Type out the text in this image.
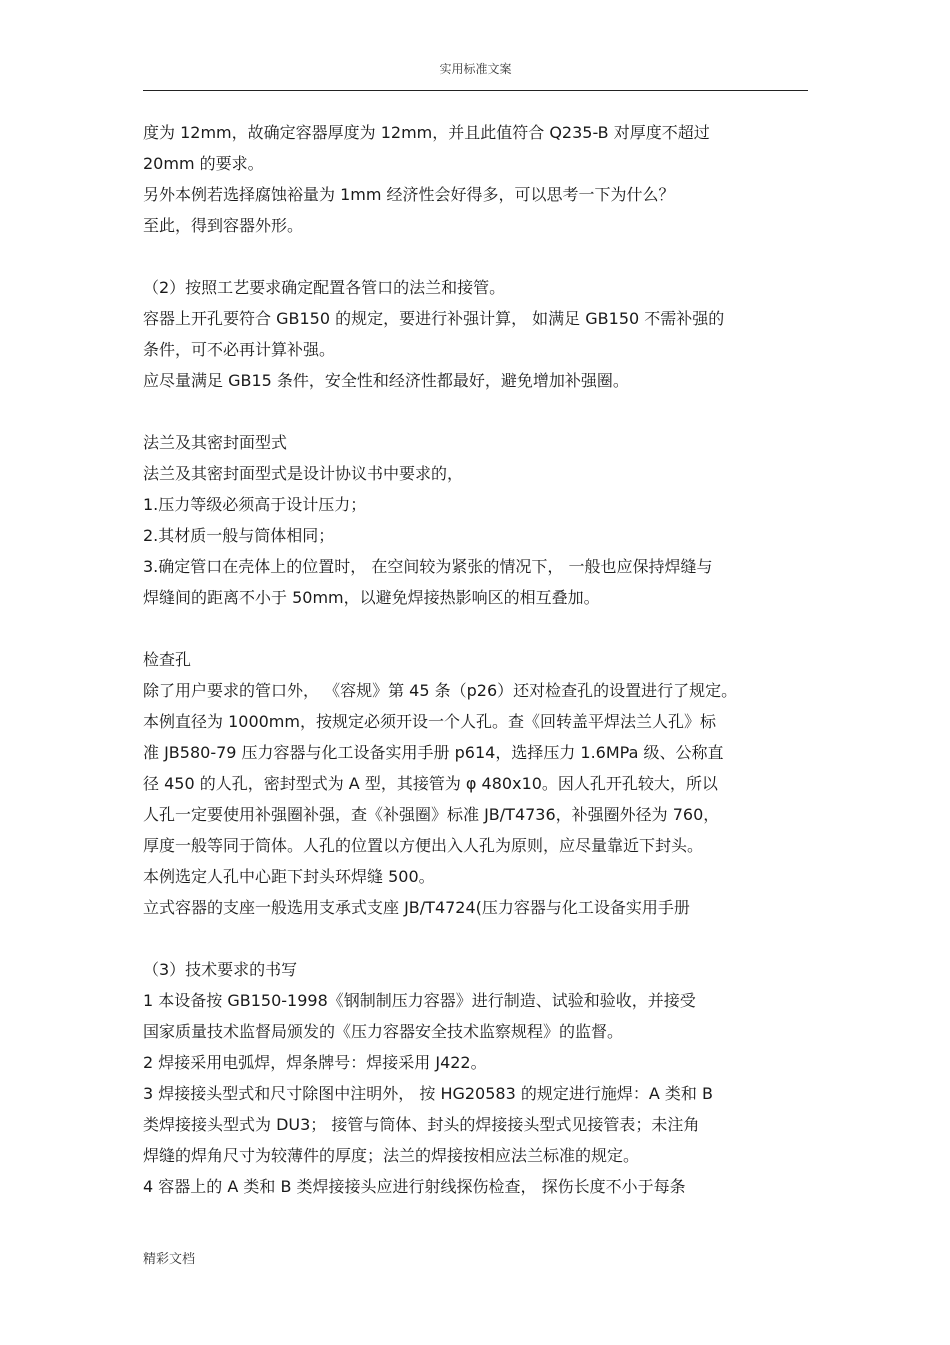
实用标准文案

度为 12mm，故确定容器厚度为 12mm，并且此值符合 Q235-B 对厚度不超过

20mm 的要求。

另外本例若选择腐蚀裕量为 1mm 经济性会好得多，可以思考一下为什么？

至此，得到容器外形。

（2）按照工艺要求确定配置各管口的法兰和接管。

容器上开孔要符合 GB150 的规定，要进行补强计算， 如满足 GB150 不需补强的

条件，可不必再计算补强。

应尽量满足 GB15 条件，安全性和经济性都最好，避免增加补强圈。

法兰及其密封面型式

法兰及其密封面型式是设计协议书中要求的，

1.压力等级必须高于设计压力；

2.其材质一般与筒体相同；

3.确定管口在壳体上的位置时， 在空间较为紧张的情况下， 一般也应保持焊缝与

焊缝间的距离不小于 50mm，以避免焊接热影响区的相互叠加。

检查孔

除了用户要求的管口外， 《容规》第 45 条（p26）还对检查孔的设置进行了规定。

本例直径为 1000mm，按规定必须开设一个人孔。查《回转盖平焊法兰人孔》标

准 JB580-79 压力容器与化工设备实用手册 p614，选择压力 1.6MPa 级、公称直

径 450 的人孔，密封型式为 A 型，其接管为 φ 480x10。因人孔开孔较大，所以

人孔一定要使用补强圈补强，查《补强圈》标准 JB/T4736，补强圈外径为 760，

厚度一般等同于筒体。人孔的位置以方便出入人孔为原则，应尽量靠近下封头。

本例选定人孔中心距下封头环焊缝 500。

立式容器的支座一般选用支承式支座 JB/T4724(压力容器与化工设备实用手册

（3）技术要求的书写

1 本设备按 GB150-1998《钢制制压力容器》进行制造、试验和验收，并接受

国家质量技术监督局颁发的《压力容器安全技术监察规程》的监督。

2 焊接采用电弧焊，焊条牌号：焊接采用 J422。

3 焊接接头型式和尺寸除图中注明外， 按 HG20583 的规定进行施焊：A 类和 B

类焊接接头型式为 DU3； 接管与筒体、封头的焊接接头型式见接管表；未注角

焊缝的焊角尺寸为较薄件的厚度；法兰的焊接按相应法兰标准的规定。

4 容器上的 A 类和 B 类焊接接头应进行射线探伤检查， 探伤长度不小于每条

精彩文档
